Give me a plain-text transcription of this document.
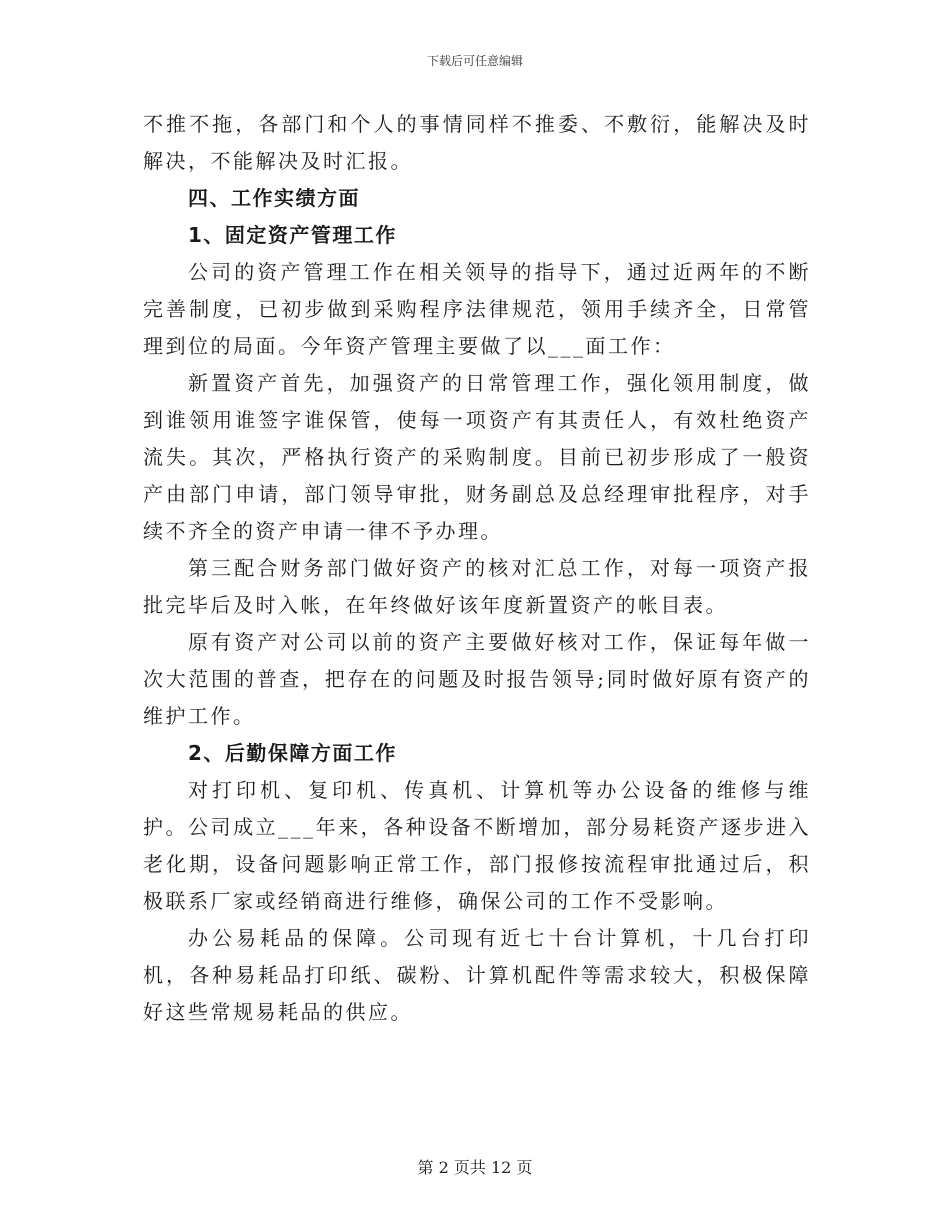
下载后可任意编辑

不推不拖，各部门和个人的事情同样不推委、不敷衍，能解决及时解决，不能解决及时汇报。

四、工作实绩方面

1、固定资产管理工作

公司的资产管理工作在相关领导的指导下，通过近两年的不断完善制度，已初步做到采购程序法律规范，领用手续齐全，日常管理到位的局面。今年资产管理主要做了以___面工作：

新置资产首先，加强资产的日常管理工作，强化领用制度，做到谁领用谁签字谁保管，使每一项资产有其责任人，有效杜绝资产流失。其次，严格执行资产的采购制度。目前已初步形成了一般资产由部门申请，部门领导审批，财务副总及总经理审批程序，对手续不齐全的资产申请一律不予办理。

第三配合财务部门做好资产的核对汇总工作，对每一项资产报批完毕后及时入帐，在年终做好该年度新置资产的帐目表。

原有资产对公司以前的资产主要做好核对工作，保证每年做一次大范围的普查，把存在的问题及时报告领导;同时做好原有资产的维护工作。

2、后勤保障方面工作

对打印机、复印机、传真机、计算机等办公设备的维修与维护。公司成立___年来，各种设备不断增加，部分易耗资产逐步进入老化期，设备问题影响正常工作，部门报修按流程审批通过后，积极联系厂家或经销商进行维修，确保公司的工作不受影响。

办公易耗品的保障。公司现有近七十台计算机，十几台打印机，各种易耗品打印纸、碳粉、计算机配件等需求较大，积极保障好这些常规易耗品的供应。

第 2 页共 12 页
